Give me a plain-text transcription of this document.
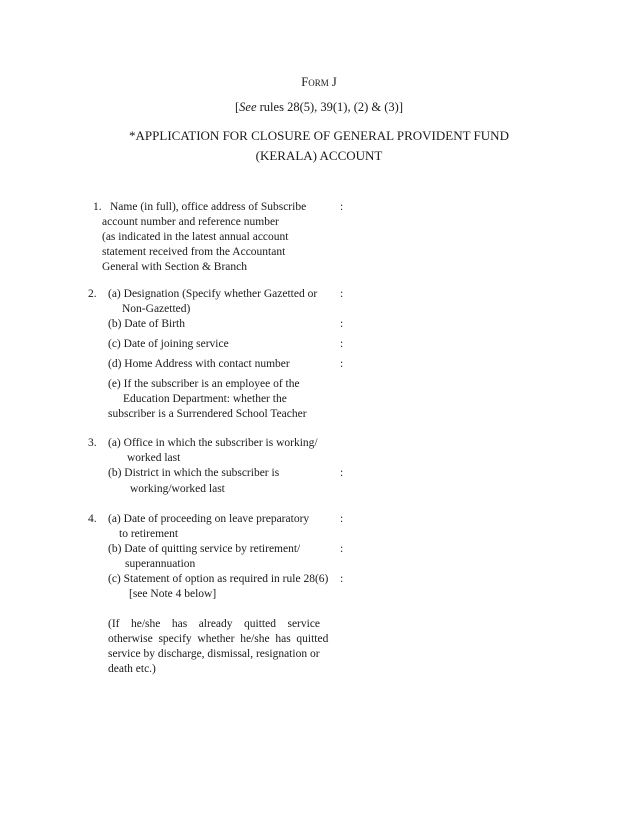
Form J
[See rules 28(5), 39(1), (2) & (3)]
*APPLICATION FOR CLOSURE OF GENERAL PROVIDENT FUND
(KERALA) ACCOUNT
1. Name (in full), office address of Subscribe	:
account number and reference number
(as indicated in the latest annual account
statement received from the Accountant
General with Section & Branch
2. (a) Designation (Specify whether Gazetted or :
Non-Gazetted)
(b) Date of Birth	:
(c) Date of joining service	:
(d) Home Address with contact number	:
(e) If the subscriber is an employee of the
Education Department: whether the
subscriber is a Surrendered School Teacher
3. (a) Office in which the subscriber is working/
worked last
(b) District in which the subscriber is	:
working/worked last
4. (a) Date of proceeding on leave preparatory	:
to retirement
(b) Date of quitting service by retirement/	:
superannuation
(c) Statement of option as required in rule 28(6) :
[see Note 4 below]
(If    he/she    has    already    quitted    service
otherwise  specify  whether  he/she  has  quitted
service by discharge, dismissal, resignation or
death etc.)
